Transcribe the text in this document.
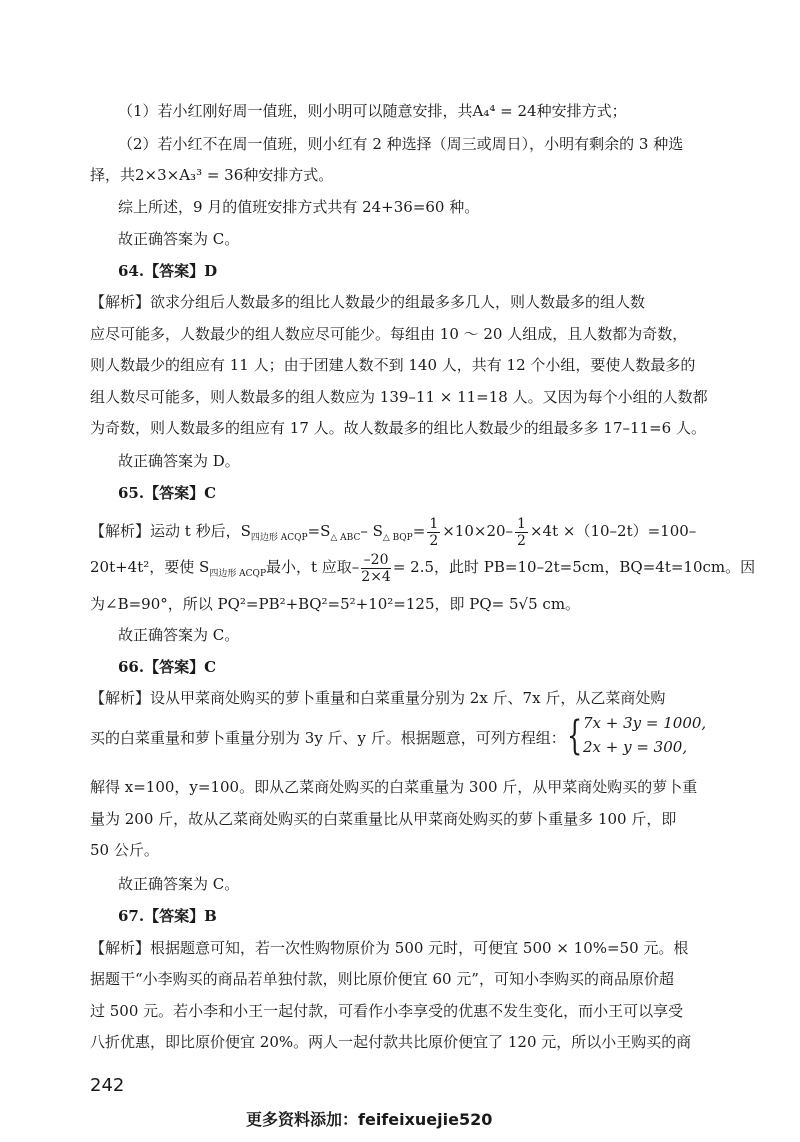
（1）若小红刚好周一值班，则小明可以随意安排，共A₄⁴ = 24种安排方式；
（2）若小红不在周一值班，则小红有 2 种选择（周三或周日），小明有剩余的 3 种选
择，共2×3×A₃³ = 36种安排方式。
综上所述，9 月的值班安排方式共有 24+36=60 种。
故正确答案为 C。
64.【答案】D
【解析】欲求分组后人数最多的组比人数最少的组最多多几人，则人数最多的组人数
应尽可能多，人数最少的组人数应尽可能少。每组由 10 ～ 20 人组成，且人数都为奇数，
则人数最少的组应有 11 人；由于团建人数不到 140 人，共有 12 个小组，要使人数最多的
组人数尽可能多，则人数最多的组人数应为 139–11 × 11=18 人。又因为每个小组的人数都
为奇数，则人数最多的组应有 17 人。故人数最多的组比人数最少的组最多多 17–11=6 人。
故正确答案为 D。
65.【答案】C
【解析】运动 t 秒后，$S_{四边形 ACQP}=S_{\triangle ABC}-$ $S_{\triangle BQP}= \frac{1}{2} \times 10\times 20- \frac{1}{2} \times 4t \times(10-2t)=100-$
20t+4t²，要使 $S_{四边形 ACQP}$最小，t 应取– $\frac{-20}{2\times 4} = 2.5$，此时 PB=10–2t=5cm，BQ=4t=10cm。因
为∠B=90°，所以 PQ²=PB²+BQ²=5²+10²=125，即 PQ= 5√5 cm。
故正确答案为 C。
66.【答案】C
【解析】设从甲菜商处购买的萝卜重量和白菜重量分别为 2x 斤、7x 斤，从乙菜商处购
买的白菜重量和萝卜重量分别为 3y 斤、y 斤。根据题意，可列方程组： { 7x + 3y = 1000,
2x + y = 300,
解得 x=100，y=100。即从乙菜商处购买的白菜重量为 300 斤，从甲菜商处购买的萝卜重
量为 200 斤，故从乙菜商处购买的白菜重量比从甲菜商处购买的萝卜重量多 100 斤，即
50 公斤。
故正确答案为 C。
67.【答案】B
【解析】根据题意可知，若一次性购物原价为 500 元时，可便宜 500 × 10%=50 元。根
据题干“小李购买的商品若单独付款，则比原价便宜 60 元”，可知小李购买的商品原价超
过 500 元。若小李和小王一起付款，可看作小李享受的优惠不发生变化，而小王可以享受
八折优惠，即比原价便宜 20%。两人一起付款共比原价便宜了 120 元，所以小王购买的商
242
更多资料添加：feifeixuejie520
